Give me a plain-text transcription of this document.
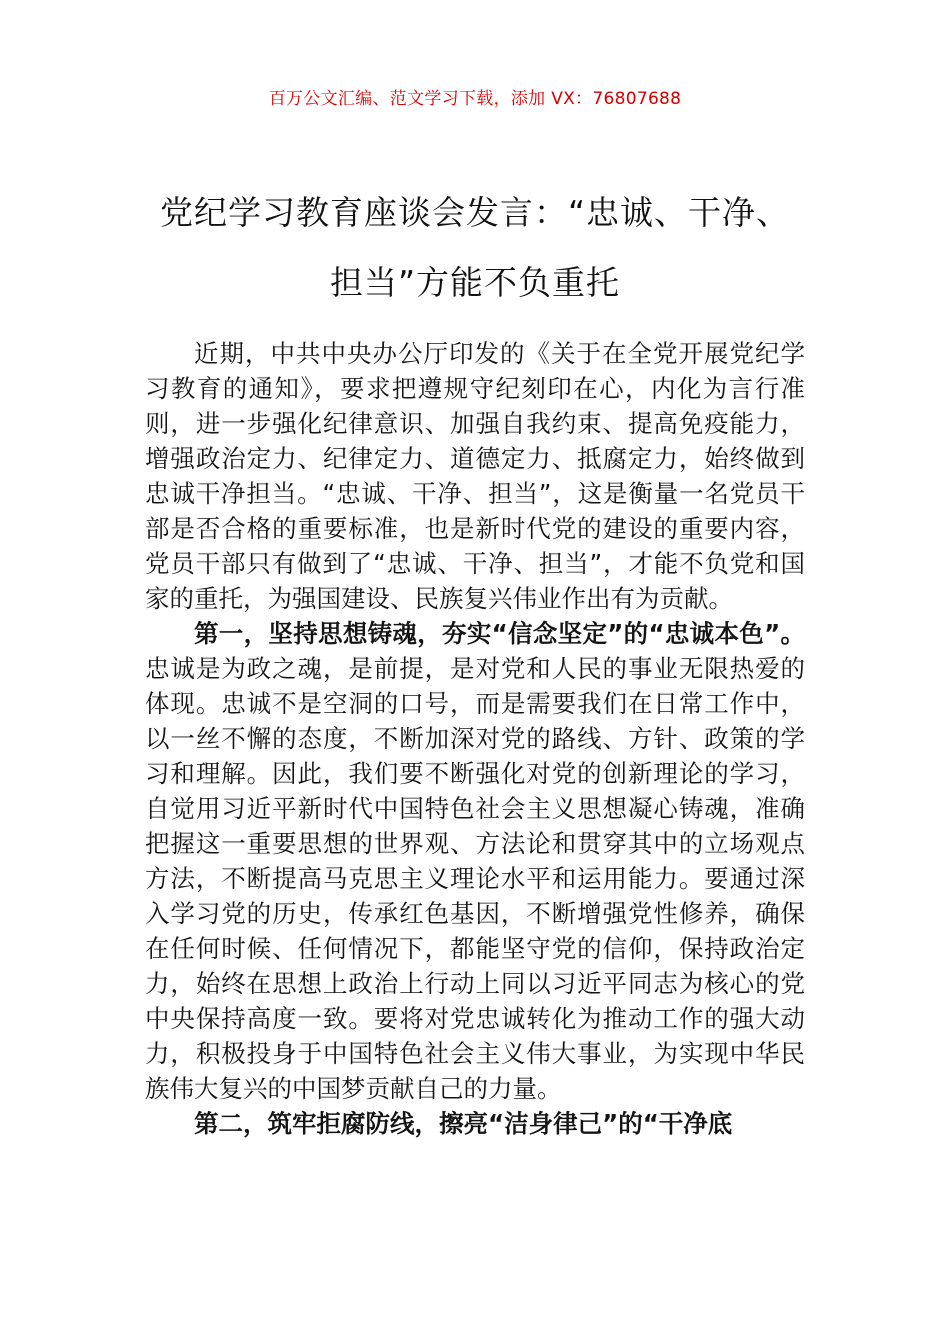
百万公文汇编、范文学习下载，添加 VX：76807688
党纪学习教育座谈会发言：“忠诚、干净、
担当”方能不负重托

近期，中共中央办公厅印发的《关于在全党开展党纪学习教育的通知》，要求把遵规守纪刻印在心，内化为言行准则，进一步强化纪律意识、加强自我约束、提高免疫能力，增强政治定力、纪律定力、道德定力、抵腐定力，始终做到忠诚干净担当。“忠诚、干净、担当”，这是衡量一名党员干部是否合格的重要标准，也是新时代党的建设的重要内容，党员干部只有做到了“忠诚、干净、担当”，才能不负党和国家的重托，为强国建设、民族复兴伟业作出有为贡献。

第一，坚持思想铸魂，夯实“信念坚定”的“忠诚本色”。忠诚是为政之魂，是前提，是对党和人民的事业无限热爱的体现。忠诚不是空洞的口号，而是需要我们在日常工作中，以一丝不懈的态度，不断加深对党的路线、方针、政策的学习和理解。因此，我们要不断强化对党的创新理论的学习，自觉用习近平新时代中国特色社会主义思想凝心铸魂，准确把握这一重要思想的世界观、方法论和贯穿其中的立场观点方法，不断提高马克思主义理论水平和运用能力。要通过深入学习党的历史，传承红色基因，不断增强党性修养，确保在任何时候、任何情况下，都能坚守党的信仰，保持政治定力，始终在思想上政治上行动上同以习近平同志为核心的党中央保持高度一致。要将对党忠诚转化为推动工作的强大动力，积极投身于中国特色社会主义伟大事业，为实现中华民族伟大复兴的中国梦贡献自己的力量。

第二，筑牢拒腐防线，擦亮“洁身律己”的“干净底
